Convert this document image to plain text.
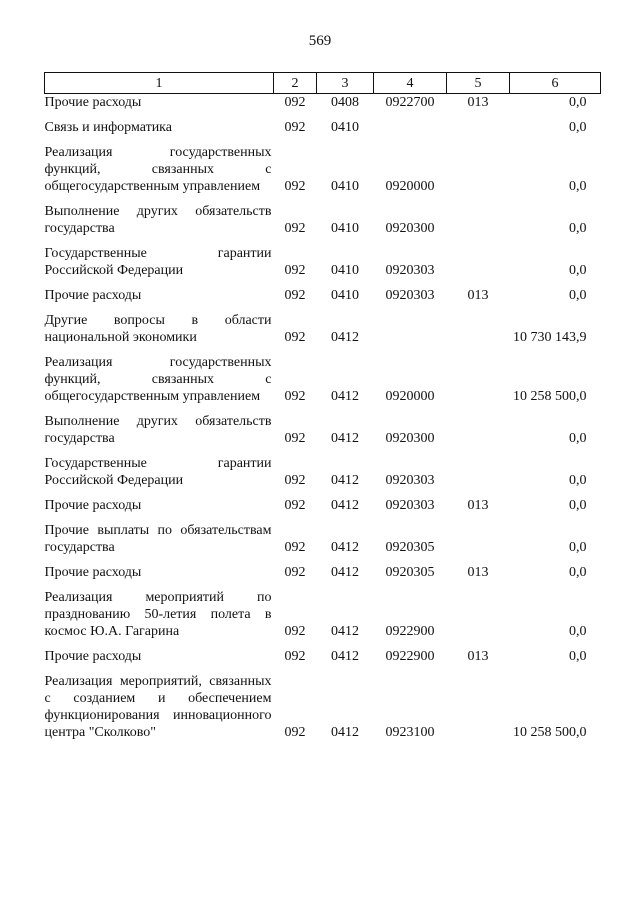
569
1	2	3	4	5	6
Прочие расходы	092	0408	0922700	013	0,0
Связь и информатика	092	0410			0,0
Реализация государственных функций, связанных с общегосударственным управлением	092	0410	0920000		0,0
Выполнение других обязательств государства	092	0410	0920300		0,0
Государственные гарантии Российской Федерации	092	0410	0920303		0,0
Прочие расходы	092	0410	0920303	013	0,0
Другие вопросы в области национальной экономики	092	0412			10 730 143,9
Реализация государственных функций, связанных с общегосударственным управлением	092	0412	0920000		10 258 500,0
Выполнение других обязательств государства	092	0412	0920300		0,0
Государственные гарантии Российской Федерации	092	0412	0920303		0,0
Прочие расходы	092	0412	0920303	013	0,0
Прочие выплаты по обязательствам государства	092	0412	0920305		0,0
Прочие расходы	092	0412	0920305	013	0,0
Реализация мероприятий по празднованию 50-летия полета в космос Ю.А. Гагарина	092	0412	0922900		0,0
Прочие расходы	092	0412	0922900	013	0,0
Реализация мероприятий, связанных с созданием и обеспечением функционирования инновационного центра "Сколково"	092	0412	0923100		10 258 500,0
